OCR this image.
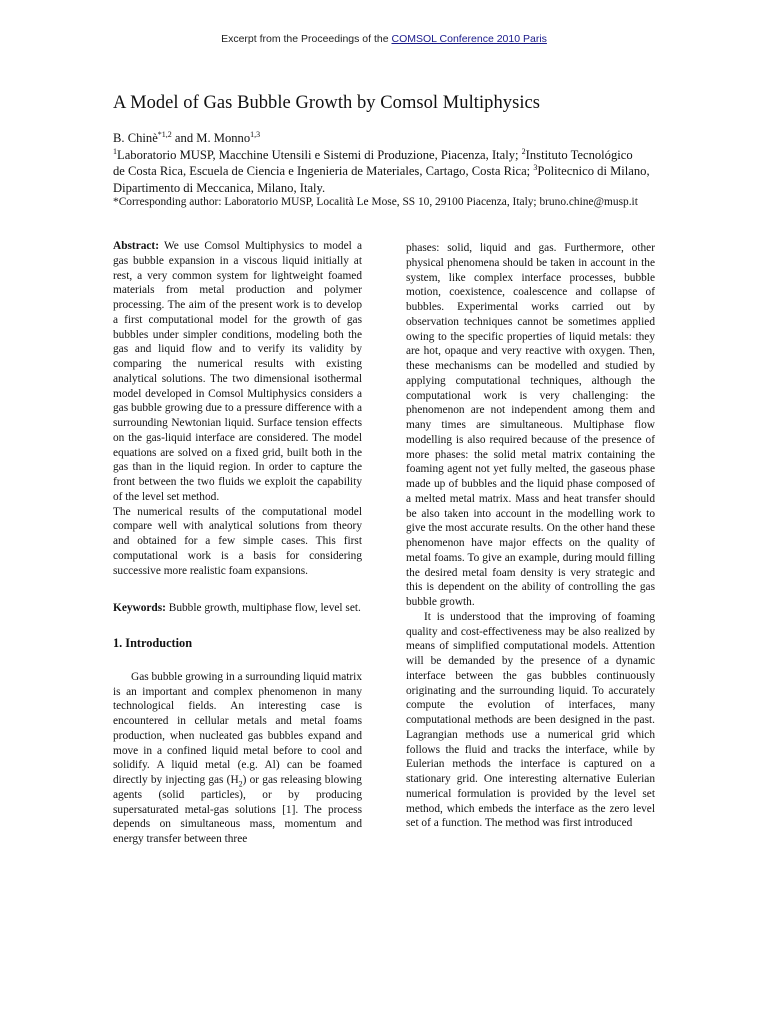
Excerpt from the Proceedings of the COMSOL Conference 2010 Paris
A Model of Gas Bubble Growth by Comsol Multiphysics
B. Chinè$^{*1,2}$ and M. Monno$^{1,3}$
$^1$Laboratorio MUSP, Macchine Utensili e Sistemi di Produzione, Piacenza, Italy; $^2$Instituto Tecnológico
de Costa Rica, Escuela de Ciencia e Ingenieria de Materiales, Cartago, Costa Rica; $^3$Politecnico di Milano,
Dipartimento di Meccanica, Milano, Italy.
*Corresponding author: Laboratorio MUSP, Località Le Mose, SS 10, 29100 Piacenza, Italy; bruno.chine@musp.it

Abstract: We use Comsol Multiphysics to model a gas bubble expansion in a viscous liquid initially at rest, a very common system for lightweight foamed materials from metal production and polymer processing. The aim of the present work is to develop a first computational model for the growth of gas bubbles under simpler conditions, modeling both the gas and liquid flow and to verify its validity by comparing the numerical results with existing analytical solutions. The two dimensional isothermal model developed in Comsol Multiphysics considers a gas bubble growing due to a pressure difference with a surrounding Newtonian liquid. Surface tension effects on the gas-liquid interface are considered. The model equations are solved on a fixed grid, built both in the gas than in the liquid region. In order to capture the front between the two fluids we exploit the capability of the level set method.

The numerical results of the computational model compare well with analytical solutions from theory and obtained for a few simple cases. This first computational work is a basis for considering successive more realistic foam expansions.

Keywords: Bubble growth, multiphase flow, level set.

1. Introduction

Gas bubble growing in a surrounding liquid matrix is an important and complex phenomenon in many technological fields. An interesting case is encountered in cellular metals and metal foams production, when nucleated gas bubbles expand and move in a confined liquid metal before to cool and solidify. A liquid metal (e.g. Al) can be foamed directly by injecting gas $(H_2)$ or gas releasing blowing agents (solid particles), or by producing supersaturated metal-gas solutions [1]. The process depends on simultaneous mass, momentum and energy transfer between three

phases: solid, liquid and gas. Furthermore, other physical phenomena should be taken in account in the system, like complex interface processes, bubble motion, coexistence, coalescence and collapse of bubbles. Experimental works carried out by observation techniques cannot be sometimes applied owing to the specific properties of liquid metals: they are hot, opaque and very reactive with oxygen. Then, these mechanisms can be modelled and studied by applying computational techniques, although the computational work is very challenging: the phenomenon are not independent among them and many times are simultaneous. Multiphase flow modelling is also required because of the presence of more phases: the solid metal matrix containing the foaming agent not yet fully melted, the gaseous phase made up of bubbles and the liquid phase composed of a melted metal matrix. Mass and heat transfer should be also taken into account in the modelling work to give the most accurate results. On the other hand these phenomenon have major effects on the quality of metal foams. To give an example, during mould filling the desired metal foam density is very strategic and this is dependent on the ability of controlling the gas bubble growth.

It is understood that the improving of foaming quality and cost-effectiveness may be also realized by means of simplified computational models. Attention will be demanded by the presence of a dynamic interface between the gas bubbles continuously originating and the surrounding liquid. To accurately compute the evolution of interfaces, many computational methods are been designed in the past. Lagrangian methods use a numerical grid which follows the fluid and tracks the interface, while by Eulerian methods the interface is captured on a stationary grid. One interesting alternative Eulerian numerical formulation is provided by the level set method, which embeds the interface as the zero level set of a function. The method was first introduced
